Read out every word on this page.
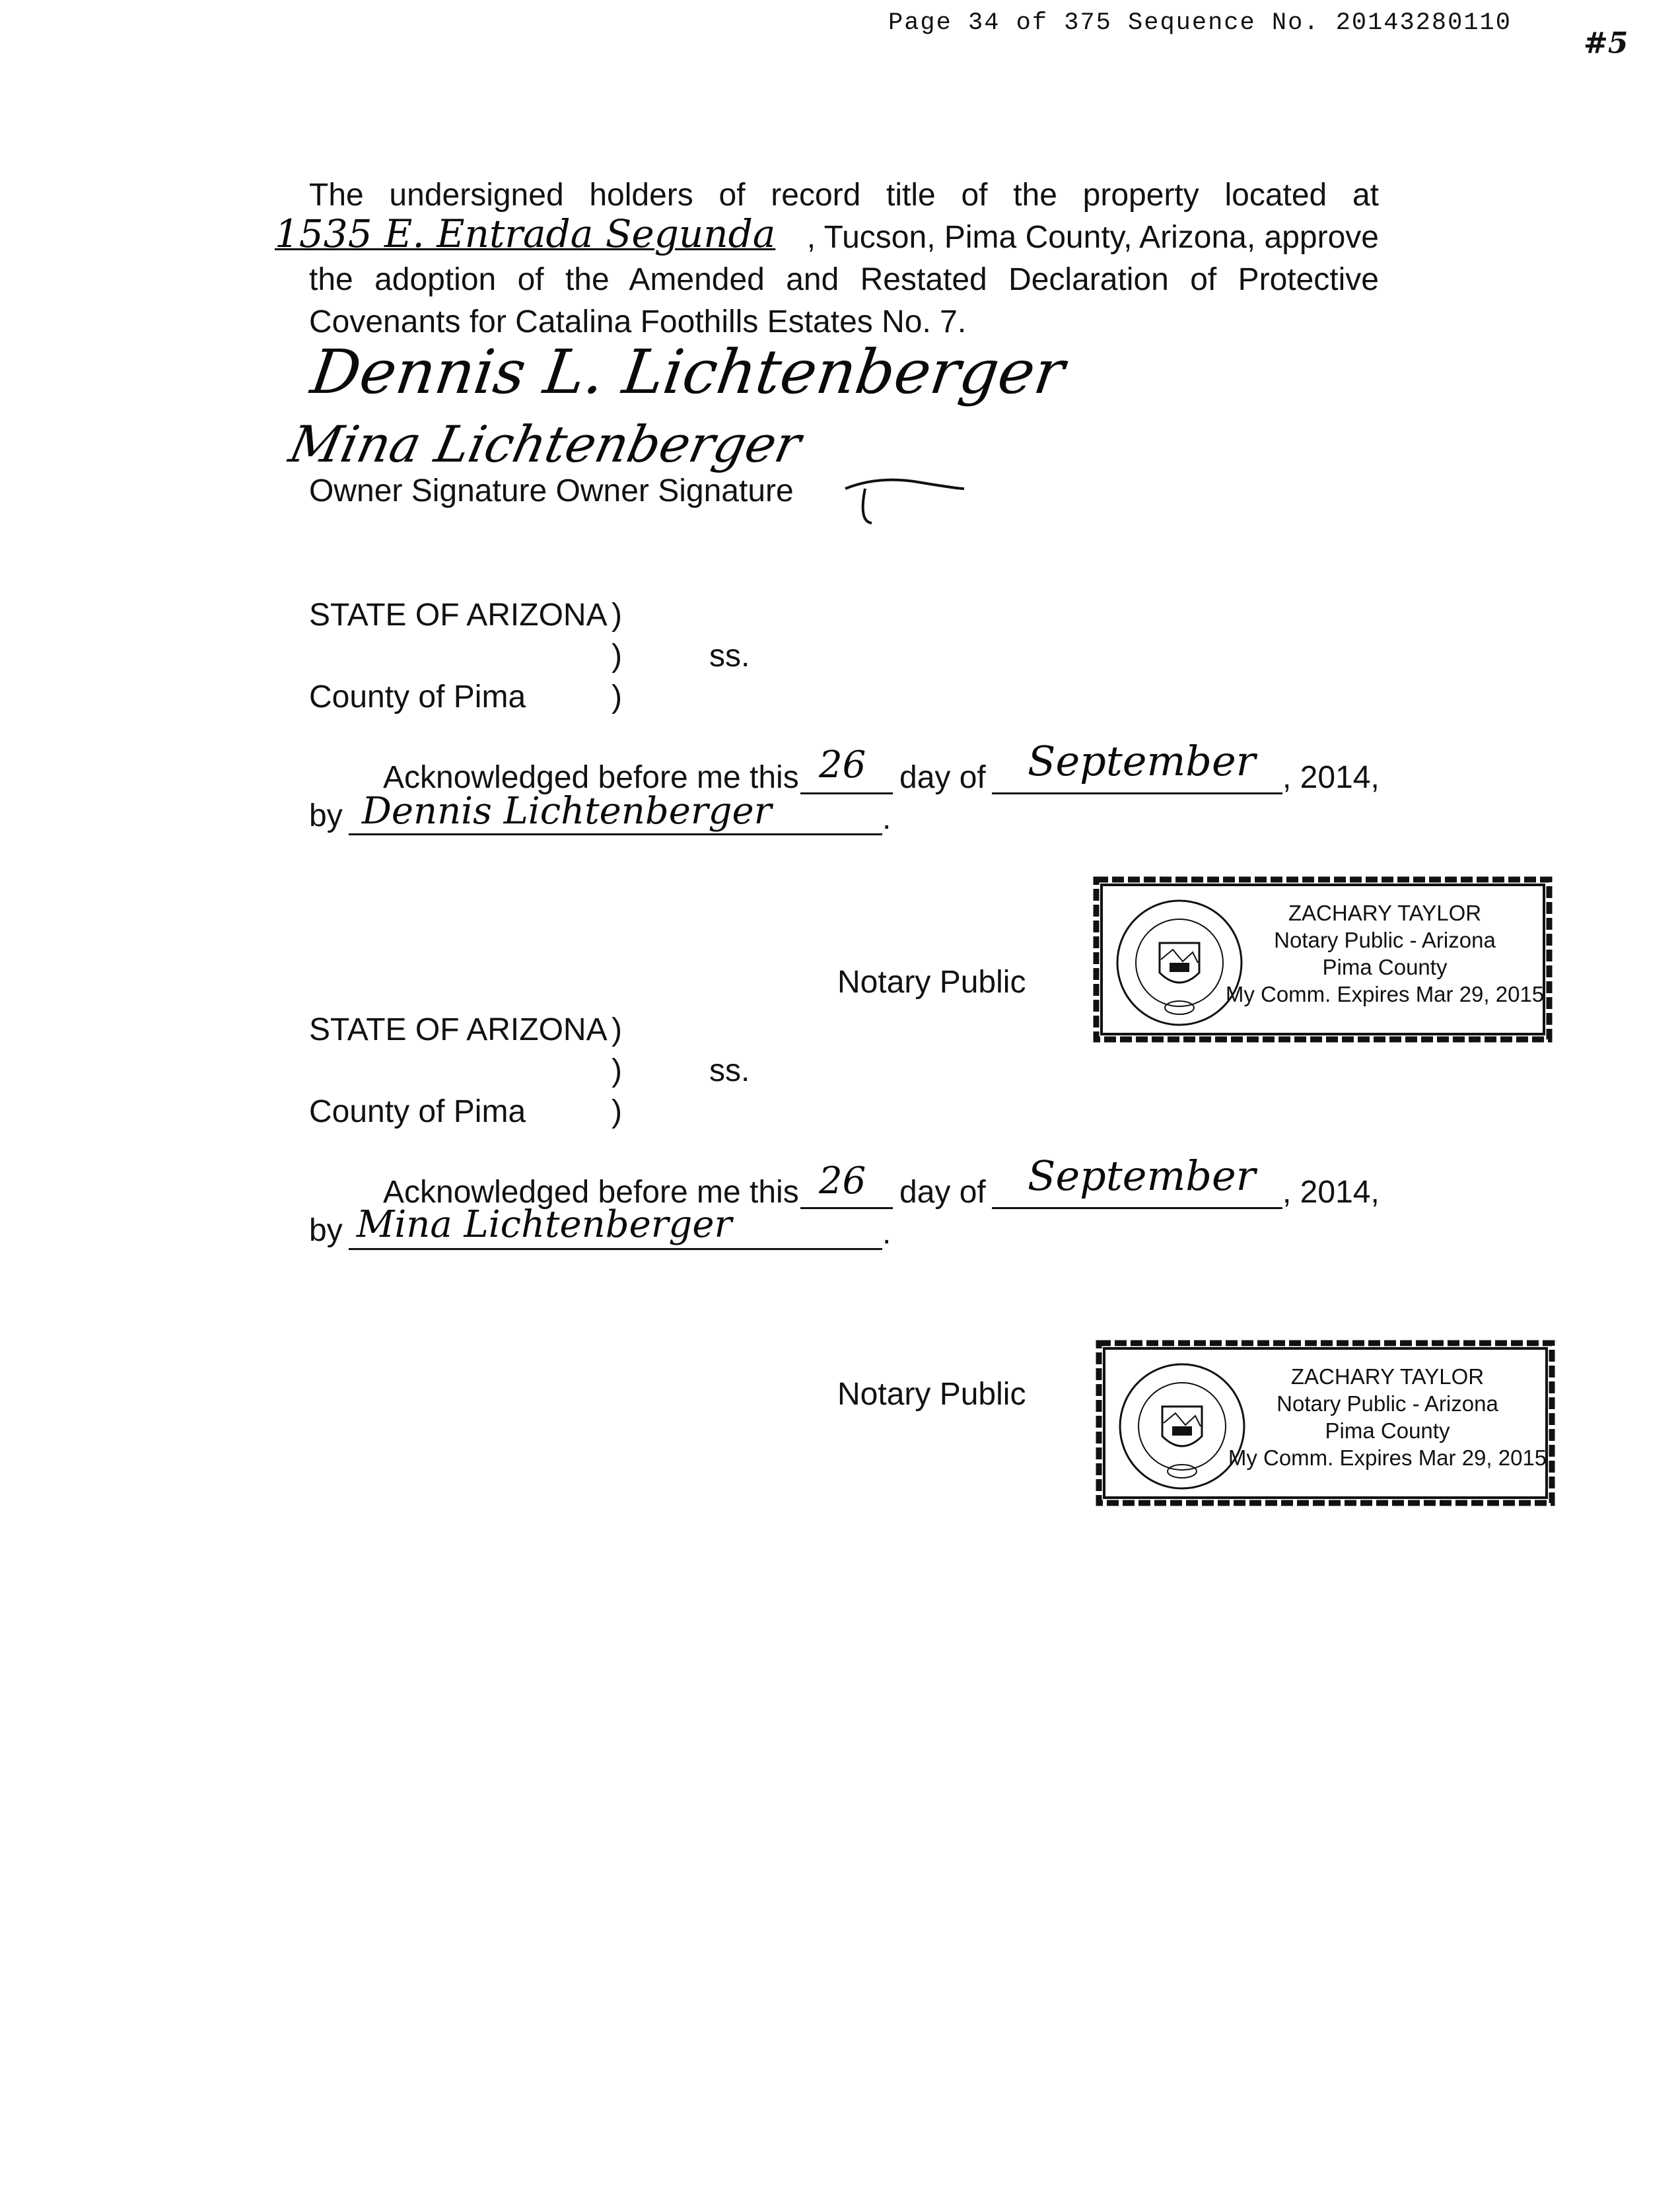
Page 34 of 375 Sequence No. 20143280110
#5
The undersigned holders of record title of the property located at
1535 E. Entrada Segunda , Tucson, Pima County, Arizona, approve
the adoption of the Amended and Restated Declaration of Protective
Covenants for Catalina Foothills Estates No. 7.
Dennis L. Lichtenberger
Mina Lichtenberger
Owner Signature Owner Signature
STATE OF ARIZONA )
)	ss.
County of Pima	)
Acknowledged before me this 26 day of September , 2014,
by Dennis Lichtenberger	.
Notary Public
ZACHARY TAYLOR
Notary Public - Arizona
Pima County
My Comm. Expires Mar 29, 2015
STATE OF ARIZONA )
)	ss.
County of Pima	)
Acknowledged before me this 26 day of September , 2014,
by Mina Lichtenberger	.
Notary Public
ZACHARY TAYLOR
Notary Public - Arizona
Pima County
My Comm. Expires Mar 29, 2015
